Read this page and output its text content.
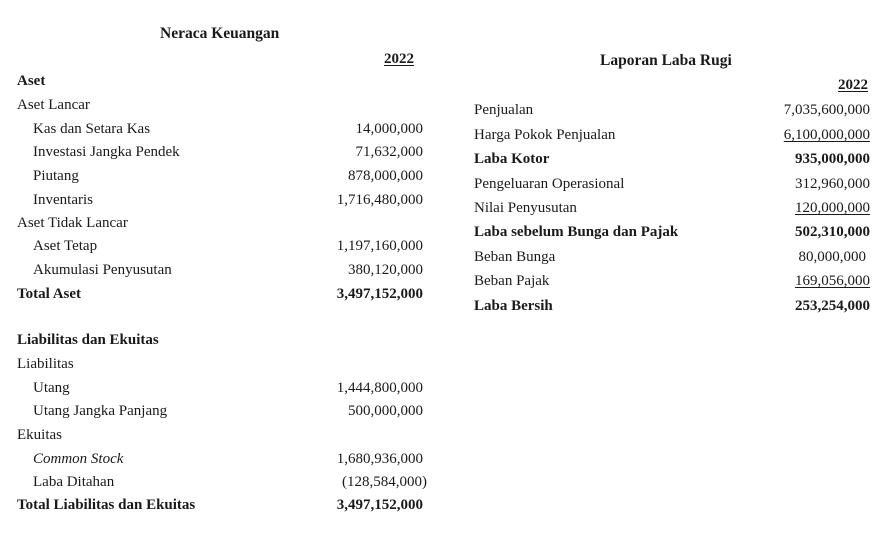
Neraca Keuangan
2022
Aset
Aset Lancar
Kas dan Setara Kas	14,000,000
Investasi Jangka Pendek	71,632,000
Piutang	878,000,000
Inventaris	1,716,480,000
Aset Tidak Lancar
Aset Tetap	1,197,160,000
Akumulasi Penyusutan	380,120,000
Total Aset	3,497,152,000
Liabilitas dan Ekuitas
Liabilitas
Utang	1,444,800,000
Utang Jangka Panjang	500,000,000
Ekuitas
Common Stock	1,680,936,000
Laba Ditahan	(128,584,000)
Total Liabilitas dan Ekuitas	3,497,152,000
Laporan Laba Rugi
2022
Penjualan	7,035,600,000
Harga Pokok Penjualan	6,100,000,000
Laba Kotor	935,000,000
Pengeluaran Operasional	312,960,000
Nilai Penyusutan	120,000,000
Laba sebelum Bunga dan Pajak	502,310,000
Beban Bunga	80,000,000
Beban Pajak	169,056,000
Laba Bersih	253,254,000
